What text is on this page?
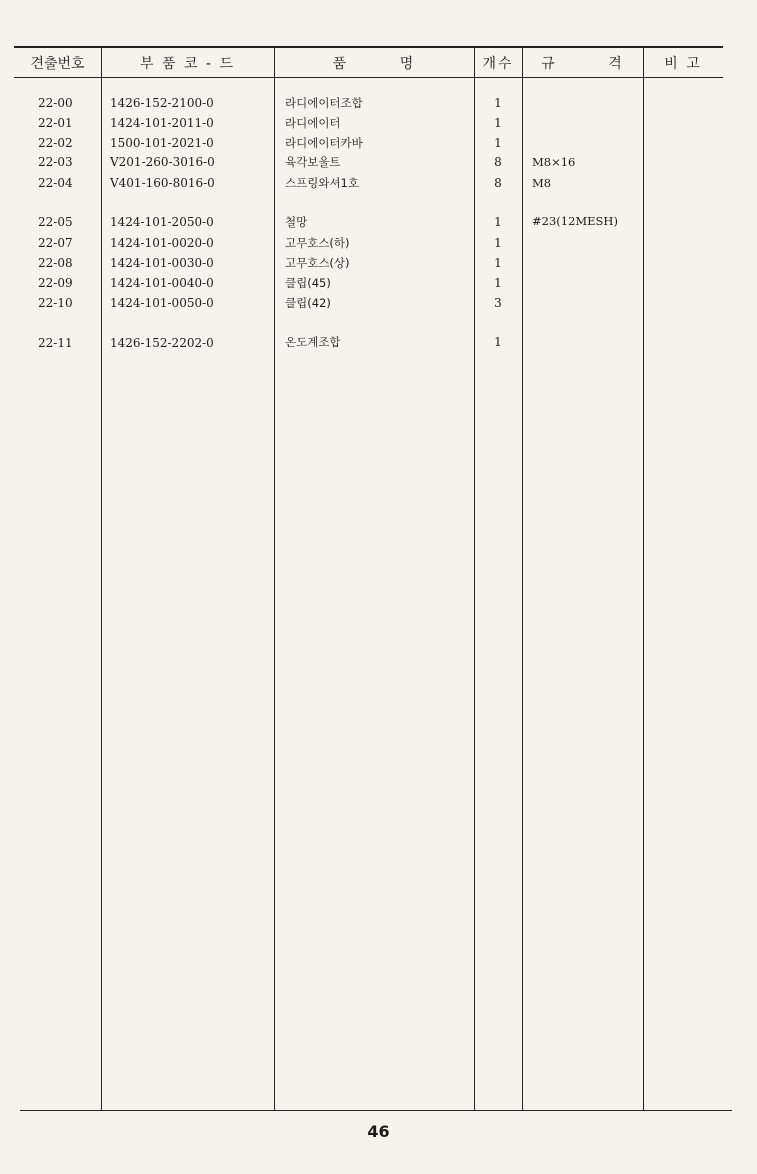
견출번호	부 품 코 - 드	품        명	개수	규        격	비 고
22-00	1426-152-2100-0	라디에이터조합	1
22-01	1424-101-2011-0	라디에이터	1
22-02	1500-101-2021-0	라디에이터카바	1
22-03	V201-260-3016-0	육각보울트	8	M8×16
22-04	V401-160-8016-0	스프링와셔1호	8	M8
22-05	1424-101-2050-0	철망	1	#23(12MESH)
22-07	1424-101-0020-0	고무호스(하)	1
22-08	1424-101-0030-0	고무호스(상)	1
22-09	1424-101-0040-0	클립(45)	1
22-10	1424-101-0050-0	클립(42)	3
22-11	1426-152-2202-0	온도계조합	1
46
